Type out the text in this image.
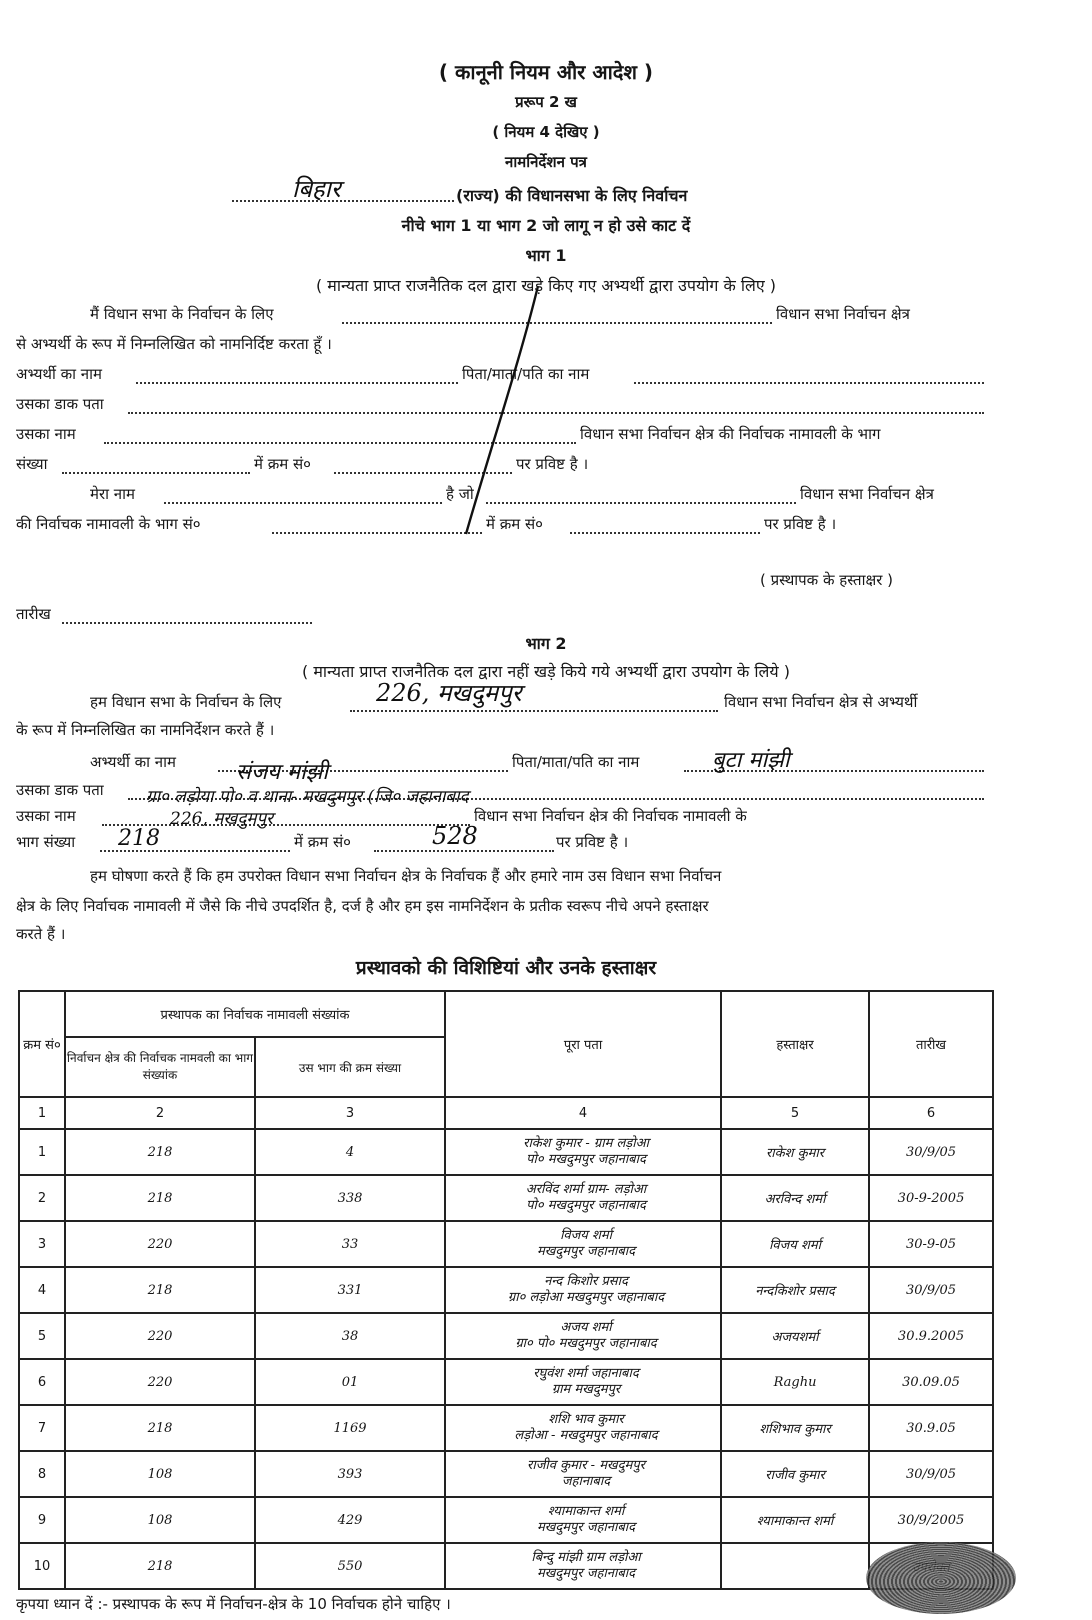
( कानूनी नियम और आदेश )
प्ररूप 2 ख
( नियम 4 देखिए )
नामनिर्देशन पत्र
बिहार	(राज्य) की विधानसभा के लिए निर्वाचन
नीचे भाग 1 या भाग 2 जो लागू न हो उसे काट दें
भाग 1
( मान्यता प्राप्त राजनैतिक दल द्वारा खड़े किए गए अभ्यर्थी द्वारा उपयोग के लिए )
मैं विधान सभा के निर्वाचन के लिए	विधान सभा निर्वाचन क्षेत्र
से अभ्यर्थी के रूप में निम्नलिखित को नामनिर्दिष्ट करता हूँ ।
अभ्यर्थी का नाम	पिता/माता/पति का नाम
उसका डाक पता
उसका नाम	विधान सभा निर्वाचन क्षेत्र की निर्वाचक नामावली के भाग
संख्या	में क्रम सं०	पर प्रविष्ट है ।
मेरा नाम	है जो	विधान सभा निर्वाचन क्षेत्र
की निर्वाचक नामावली के भाग सं०	में क्रम सं०	पर प्रविष्ट है ।
( प्रस्थापक के हस्ताक्षर )
तारीख
भाग 2
( मान्यता प्राप्त राजनैतिक दल द्वारा नहीं खड़े किये गये अभ्यर्थी द्वारा उपयोग के लिये )
हम विधान सभा के निर्वाचन के लिए	226, मखदुमपुर	विधान सभा निर्वाचन क्षेत्र से अभ्यर्थी
के रूप में निम्नलिखित का नामनिर्देशन करते हैं ।
अभ्यर्थी का नाम	संजय मांझी	पिता/माता/पति का नाम	बुटा मांझी
उसका डाक पता ग्रा० लड़ोया पो० व थाना- मखदुमपुर (जि० जहानाबाद
उसका नाम	226, मखदुमपुर	विधान सभा निर्वाचन क्षेत्र की निर्वाचक नामावली के
भाग संख्या 218	में क्रम सं०	528	पर प्रविष्ट है ।
हम घोषणा करते हैं कि हम उपरोक्त विधान सभा निर्वाचन क्षेत्र के निर्वाचक हैं और हमारे नाम उस विधान सभा निर्वाचन
क्षेत्र के लिए निर्वाचक नामावली में जैसे कि नीचे उपदर्शित है, दर्ज है और हम इस नामनिर्देशन के प्रतीक स्वरूप नीचे अपने हस्ताक्षर
करते हैं ।
प्रस्थावको की विशिष्टियां और उनके हस्ताक्षर
क्रम सं०	प्रस्थापक का निर्वाचक नामावली संख्यांक		पूरा पता	हस्ताक्षर	तारीख
	निर्वाचन क्षेत्र की निर्वाचक नामवली का भाग संख्यांक	उस भाग की क्रम संख्या			
1	2	3	4	5	6
1	218	4	राकेश कुमार - ग्राम लड़ोआ
पो० मखदुमपुर जहानाबाद	राकेश कुमार	30/9/05
2	218	338	अरविंद शर्मा ग्राम- लड़ोआ
पो० मखदुमपुर जहानाबाद	अरविन्द शर्मा	30-9-2005
3	220	33	विजय शर्मा
मखदुमपुर जहानाबाद	विजय शर्मा	30-9-05
4	218	331	नन्द किशोर प्रसाद
ग्रा० लड़ोआ मखदुमपुर जहानाबाद	नन्दकिशोर प्रसाद	30/9/05
5	220	38	अजय शर्मा
ग्रा० पो० मखदुमपुर जहानाबाद	अजयशर्मा	30.9.2005
6	220	01	रघुवंश शर्मा जहानाबाद
ग्राम मखदुमपुर	Raghu	30.09.05
7	218	1169	शशि भाव कुमार
लड़ोआ - मखदुमपुर जहानाबाद	शशिभाव कुमार	30.9.05
8	108	393	राजीव कुमार - मखदुमपुर
जहानाबाद	राजीव कुमार	30/9/05
9	108	429	श्यामाकान्त शर्मा
मखदुमपुर जहानाबाद	श्यामाकान्त शर्मा	30/9/2005
10	218	550	बिन्दु मांझी ग्राम लड़ोआ
मखदुमपुर जहानाबाद

कृपया ध्यान दें :- प्रस्थापक के रूप में निर्वाचन-क्षेत्र के 10 निर्वाचक होने चाहिए ।
